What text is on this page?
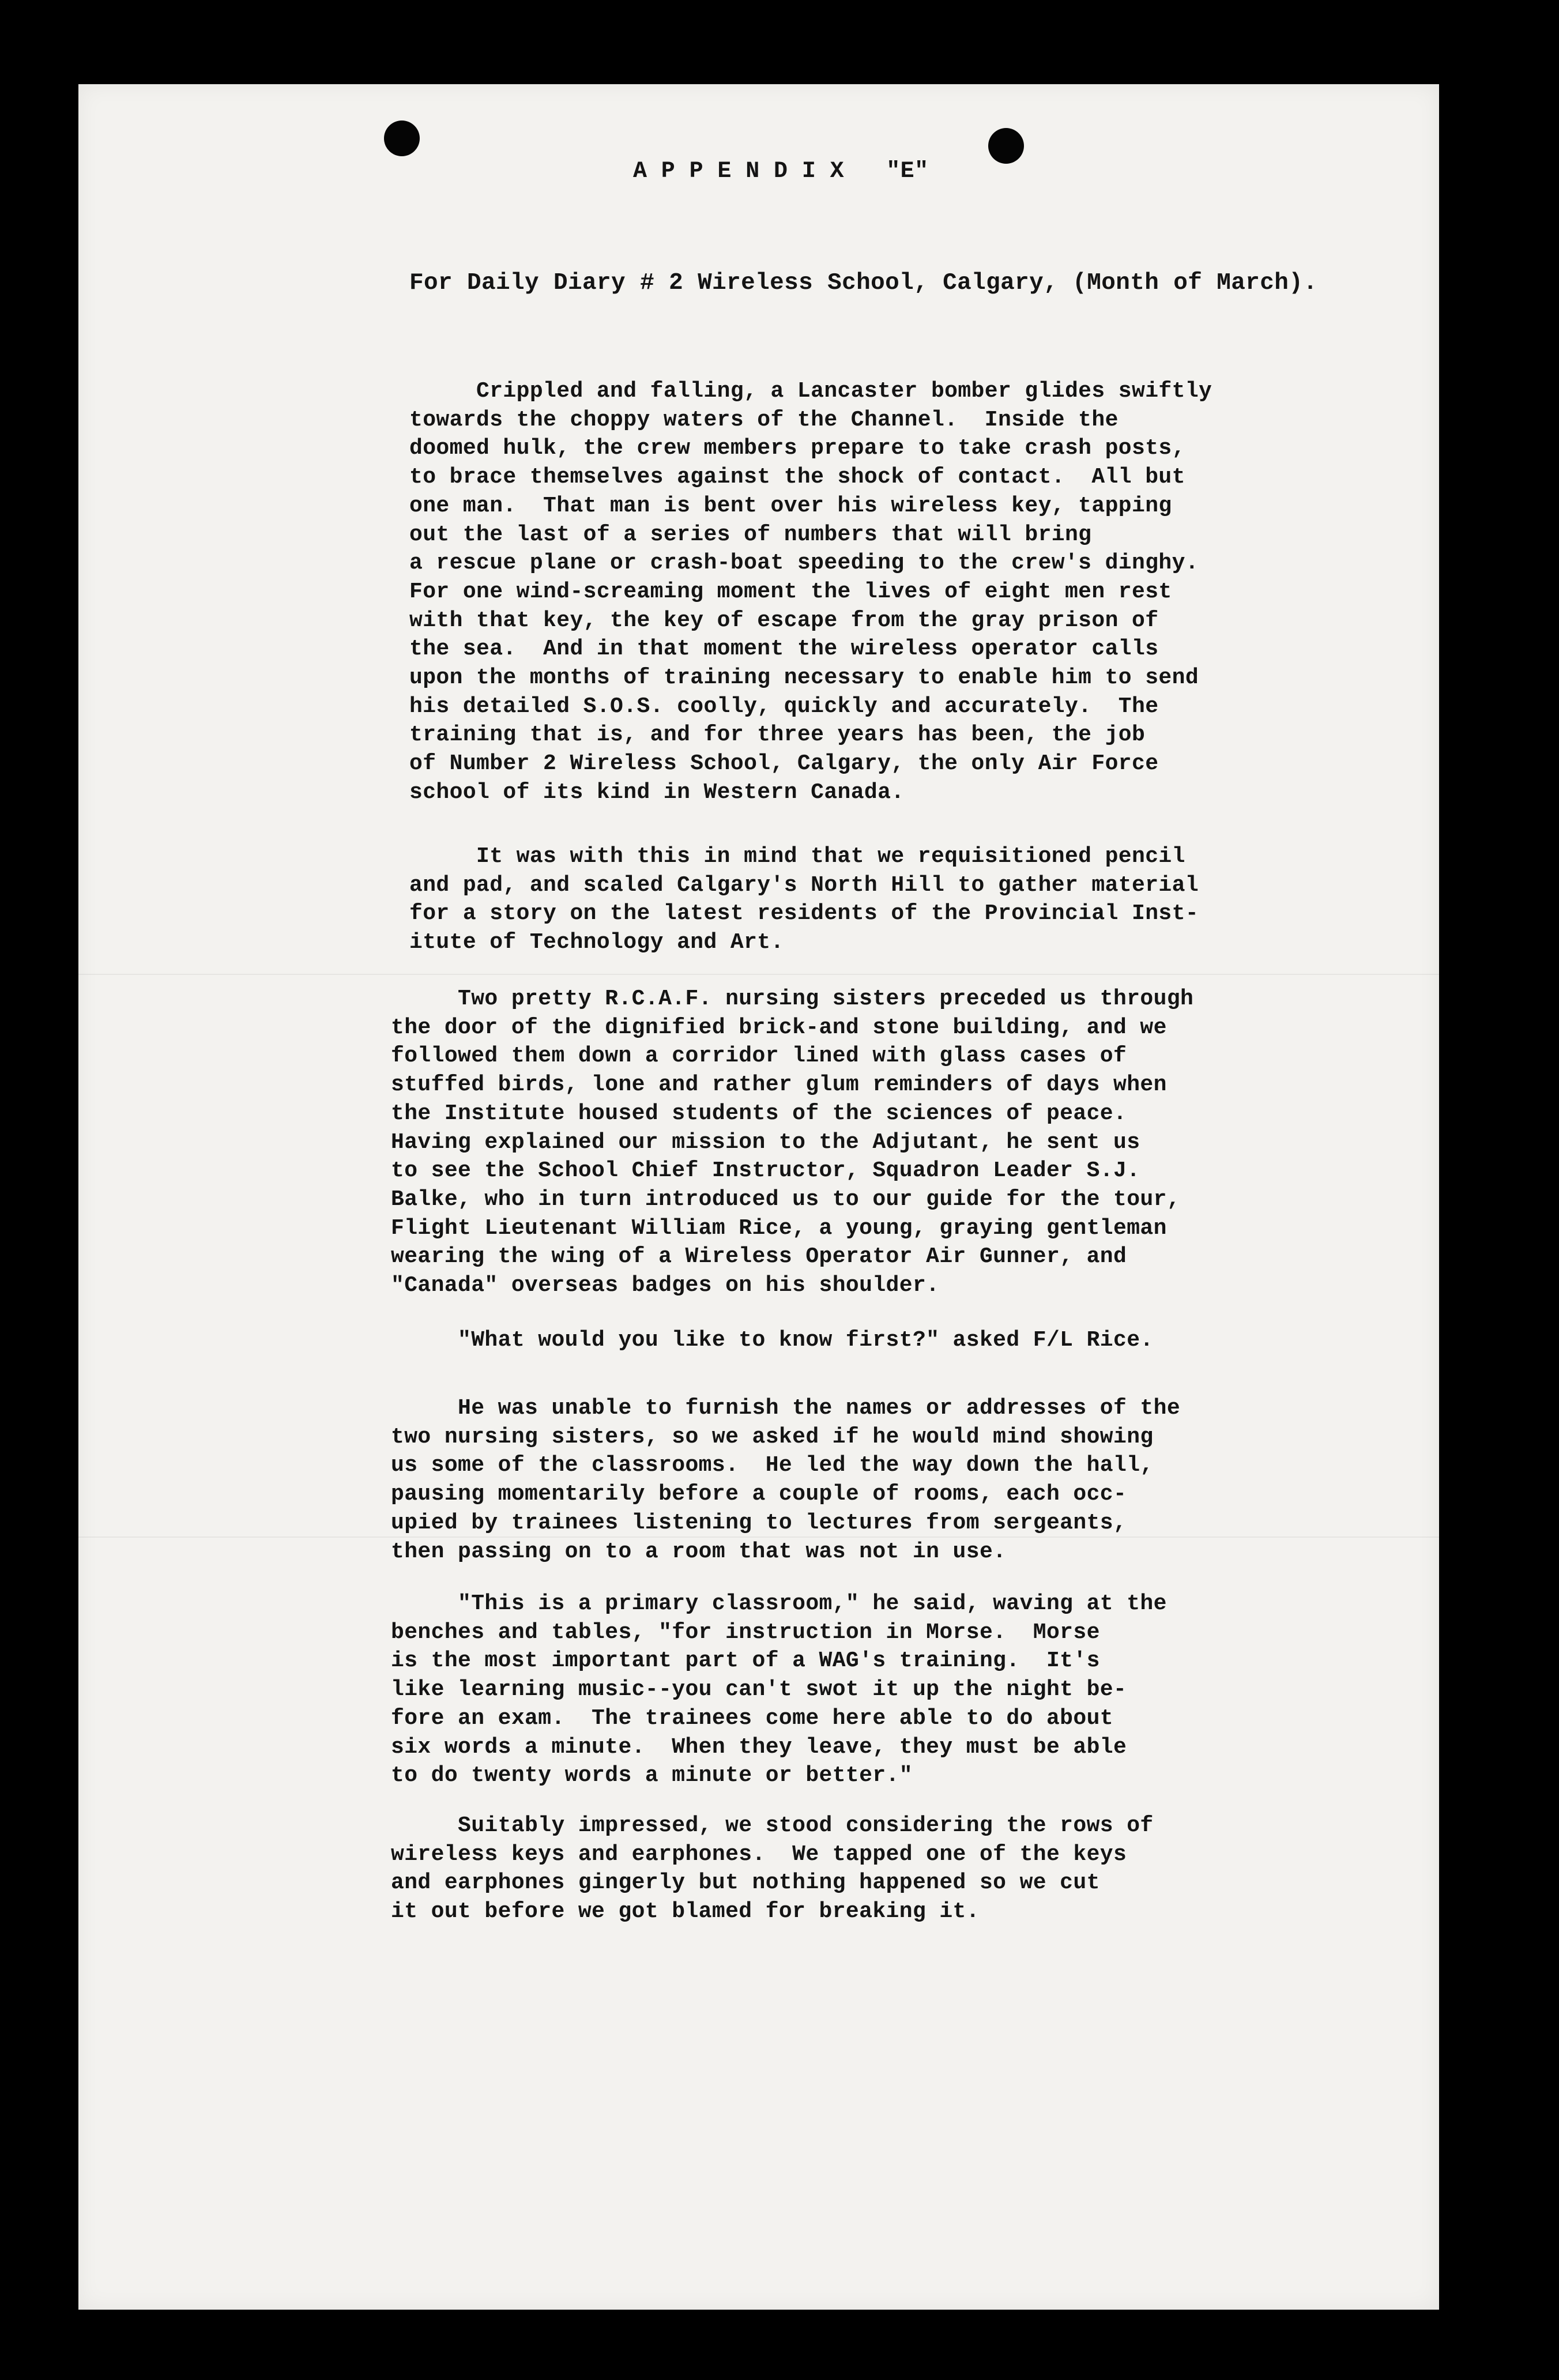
A P P E N D I X   "E"

For Daily Diary # 2 Wireless School, Calgary, (Month of March).

Crippled and falling, a Lancaster bomber glides swiftly
towards the choppy waters of the Channel.  Inside the
doomed hulk, the crew members prepare to take crash posts,
to brace themselves against the shock of contact.  All but
one man.  That man is bent over his wireless key, tapping
out the last of a series of numbers that will bring
a rescue plane or crash-boat speeding to the crew's dinghy.
For one wind-screaming moment the lives of eight men rest
with that key, the key of escape from the gray prison of
the sea.  And in that moment the wireless operator calls
upon the months of training necessary to enable him to send
his detailed S.O.S. coolly, quickly and accurately.  The
training that is, and for three years has been, the job
of Number 2 Wireless School, Calgary, the only Air Force
school of its kind in Western Canada.

It was with this in mind that we requisitioned pencil
and pad, and scaled Calgary's North Hill to gather material
for a story on the latest residents of the Provincial Inst-
itute of Technology and Art.

Two pretty R.C.A.F. nursing sisters preceded us through
the door of the dignified brick-and stone building, and we
followed them down a corridor lined with glass cases of
stuffed birds, lone and rather glum reminders of days when
the Institute housed students of the sciences of peace.
Having explained our mission to the Adjutant, he sent us
to see the School Chief Instructor, Squadron Leader S.J.
Balke, who in turn introduced us to our guide for the tour,
Flight Lieutenant William Rice, a young, graying gentleman
wearing the wing of a Wireless Operator Air Gunner, and
"Canada" overseas badges on his shoulder.

"What would you like to know first?" asked F/L Rice.

He was unable to furnish the names or addresses of the
two nursing sisters, so we asked if he would mind showing
us some of the classrooms.  He led the way down the hall,
pausing momentarily before a couple of rooms, each occ-
upied by trainees listening to lectures from sergeants,
then passing on to a room that was not in use.

"This is a primary classroom," he said, waving at the
benches and tables, "for instruction in Morse.  Morse
is the most important part of a WAG's training.  It's
like learning music--you can't swot it up the night be-
fore an exam.  The trainees come here able to do about
six words a minute.  When they leave, they must be able
to do twenty words a minute or better."

Suitably impressed, we stood considering the rows of
wireless keys and earphones.  We tapped one of the keys
and earphones gingerly but nothing happened so we cut
it out before we got blamed for breaking it.
